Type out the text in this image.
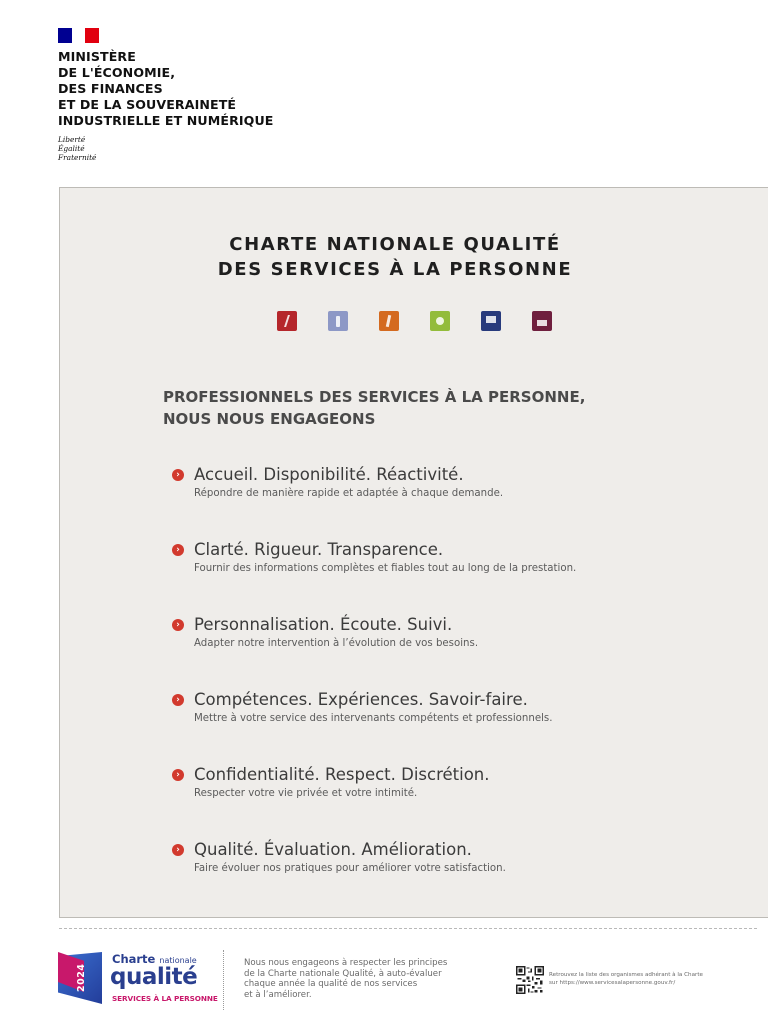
MINISTÈRE
DE L'ÉCONOMIE,
DES FINANCES
ET DE LA SOUVERAINETÉ
INDUSTRIELLE ET NUMÉRIQUE
Liberté
Égalité
Fraternité
CHARTE NATIONALE QUALITÉ
DES SERVICES À LA PERSONNE
PROFESSIONNELS DES SERVICES À LA PERSONNE,
NOUS NOUS ENGAGEONS
› Accueil. Disponibilité. Réactivité.
Répondre de manière rapide et adaptée à chaque demande.
› Clarté. Rigueur. Transparence.
Fournir des informations complètes et fiables tout au long de la prestation.
› Personnalisation. Écoute. Suivi.
Adapter notre intervention à l’évolution de vos besoins.
› Compétences. Expériences. Savoir-faire.
Mettre à votre service des intervenants compétents et professionnels.
› Confidentialité. Respect. Discrétion.
Respecter votre vie privée et votre intimité.
› Qualité. Évaluation. Amélioration.
Faire évoluer nos pratiques pour améliorer votre satisfaction.
2024
Charte nationale
qualité
SERVICES À LA PERSONNE
Nous nous engageons à respecter les principes
de la Charte nationale Qualité, à auto-évaluer
chaque année la qualité de nos services
et à l’améliorer.
Retrouvez la liste des organismes adhérant à la Charte
sur https://www.servicesalapersonne.gouv.fr/
